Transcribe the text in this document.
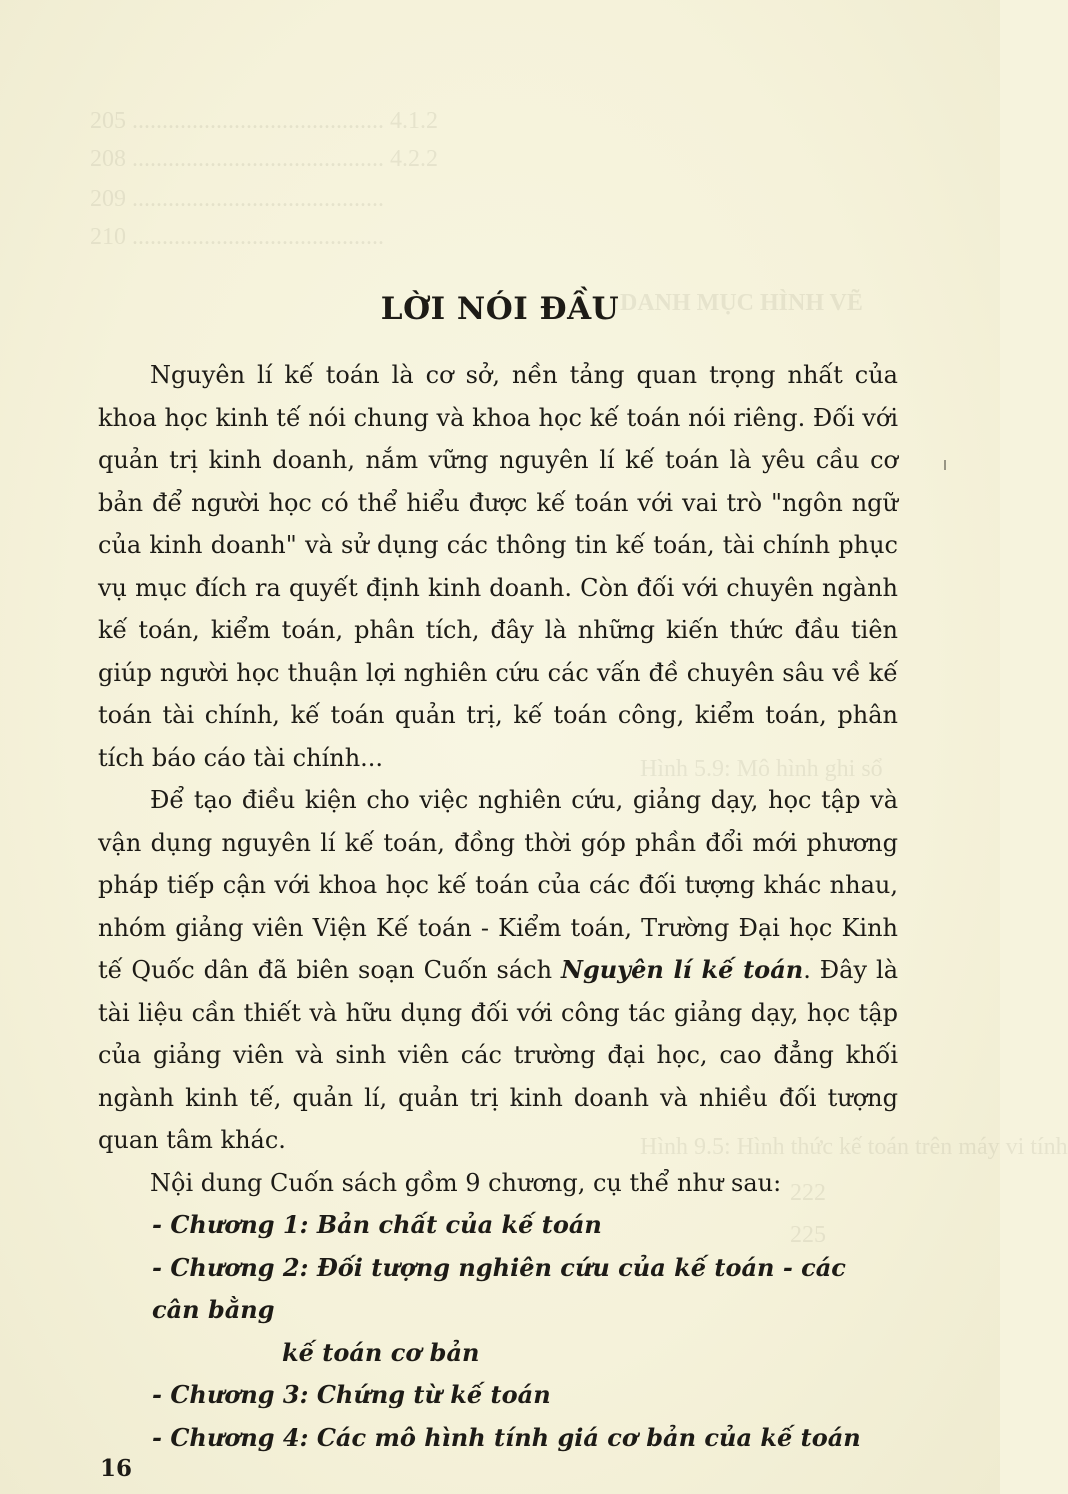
205 .......................................... 4.1.2
208 .......................................... 4.2.2
209 ..........................................
210 ..........................................
DANH MỤC HÌNH VẼ
Hình 5.9: Mô hình ghi sổ
Hình 9.5: Hình thức kế toán trên máy vi tính
222
225
LỜI NÓI ĐẦU

Nguyên lí kế toán là cơ sở, nền tảng quan trọng nhất của khoa học kinh tế nói chung và khoa học kế toán nói riêng. Đối với quản trị kinh doanh, nắm vững nguyên lí kế toán là yêu cầu cơ bản để người học có thể hiểu được kế toán với vai trò "ngôn ngữ của kinh doanh" và sử dụng các thông tin kế toán, tài chính phục vụ mục đích ra quyết định kinh doanh. Còn đối với chuyên ngành kế toán, kiểm toán, phân tích, đây là những kiến thức đầu tiên giúp người học thuận lợi nghiên cứu các vấn đề chuyên sâu về kế toán tài chính, kế toán quản trị, kế toán công, kiểm toán, phân tích báo cáo tài chính...

Để tạo điều kiện cho việc nghiên cứu, giảng dạy, học tập và vận dụng nguyên lí kế toán, đồng thời góp phần đổi mới phương pháp tiếp cận với khoa học kế toán của các đối tượng khác nhau, nhóm giảng viên Viện Kế toán - Kiểm toán, Trường Đại học Kinh tế Quốc dân đã biên soạn Cuốn sách Nguyên lí kế toán. Đây là tài liệu cần thiết và hữu dụng đối với công tác giảng dạy, học tập của giảng viên và sinh viên các trường đại học, cao đẳng khối ngành kinh tế, quản lí, quản trị kinh doanh và nhiều đối tượng quan tâm khác.

Nội dung Cuốn sách gồm 9 chương, cụ thể như sau:

- Chương 1: Bản chất của kế toán
- Chương 2: Đối tượng nghiên cứu của kế toán - các cân bằng
kế toán cơ bản
- Chương 3: Chứng từ kế toán
- Chương 4: Các mô hình tính giá cơ bản của kế toán
16
